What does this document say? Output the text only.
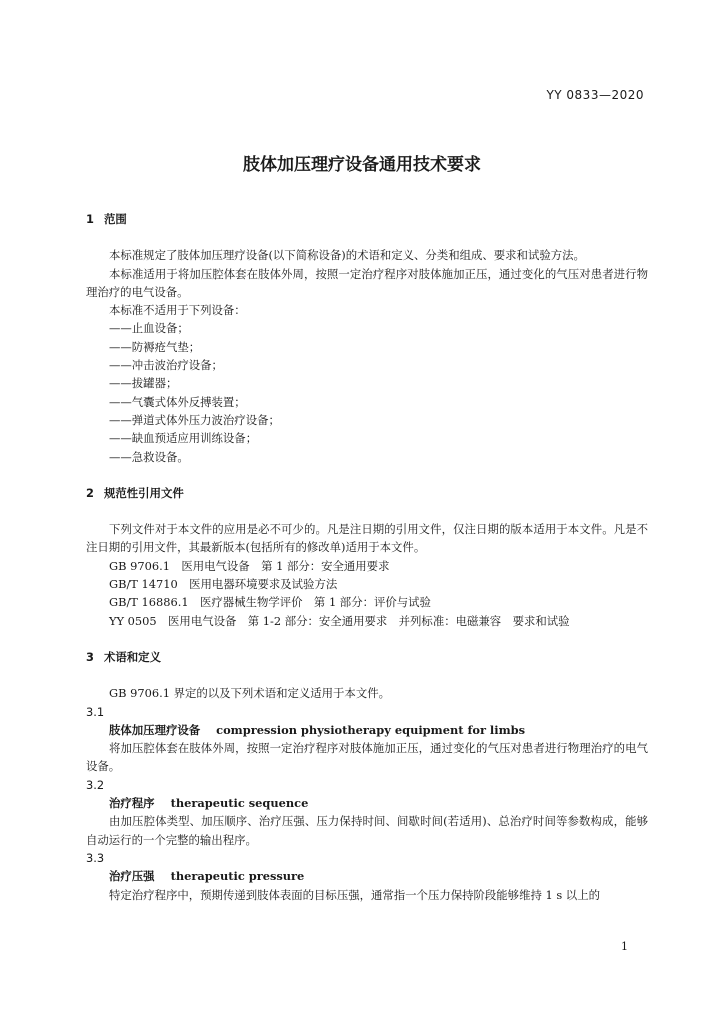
YY 0833—2020
肢体加压理疗设备通用技术要求
1 范围

本标准规定了肢体加压理疗设备(以下简称设备)的术语和定义、分类和组成、要求和试验方法。

本标准适用于将加压腔体套在肢体外周，按照一定治疗程序对肢体施加正压，通过变化的气压对患者进行物理治疗的电气设备。

本标准不适用于下列设备：

——止血设备；

——防褥疮气垫；

——冲击波治疗设备；

——拔罐器；

——气囊式体外反搏装置；

——弹道式体外压力波治疗设备；

——缺血预适应用训练设备；

——急救设备。

2 规范性引用文件

下列文件对于本文件的应用是必不可少的。凡是注日期的引用文件，仅注日期的版本适用于本文件。凡是不注日期的引用文件，其最新版本(包括所有的修改单)适用于本文件。

GB 9706.1　医用电气设备　第 1 部分：安全通用要求

GB/T 14710　医用电器环境要求及试验方法

GB/T 16886.1　医疗器械生物学评价　第 1 部分：评价与试验

YY 0505　医用电气设备　第 1-2 部分：安全通用要求　并列标准：电磁兼容　要求和试验

3 术语和定义

GB 9706.1 界定的以及下列术语和定义适用于本文件。

3.1

肢体加压理疗设备 compression physiotherapy equipment for limbs

将加压腔体套在肢体外周，按照一定治疗程序对肢体施加正压，通过变化的气压对患者进行物理治疗的电气设备。

3.2

治疗程序 therapeutic sequence

由加压腔体类型、加压顺序、治疗压强、压力保持时间、间歇时间(若适用)、总治疗时间等参数构成，能够自动运行的一个完整的输出程序。

3.3

治疗压强 therapeutic pressure

特定治疗程序中，预期传递到肢体表面的目标压强，通常指一个压力保持阶段能够维持 1 s 以上的

1
